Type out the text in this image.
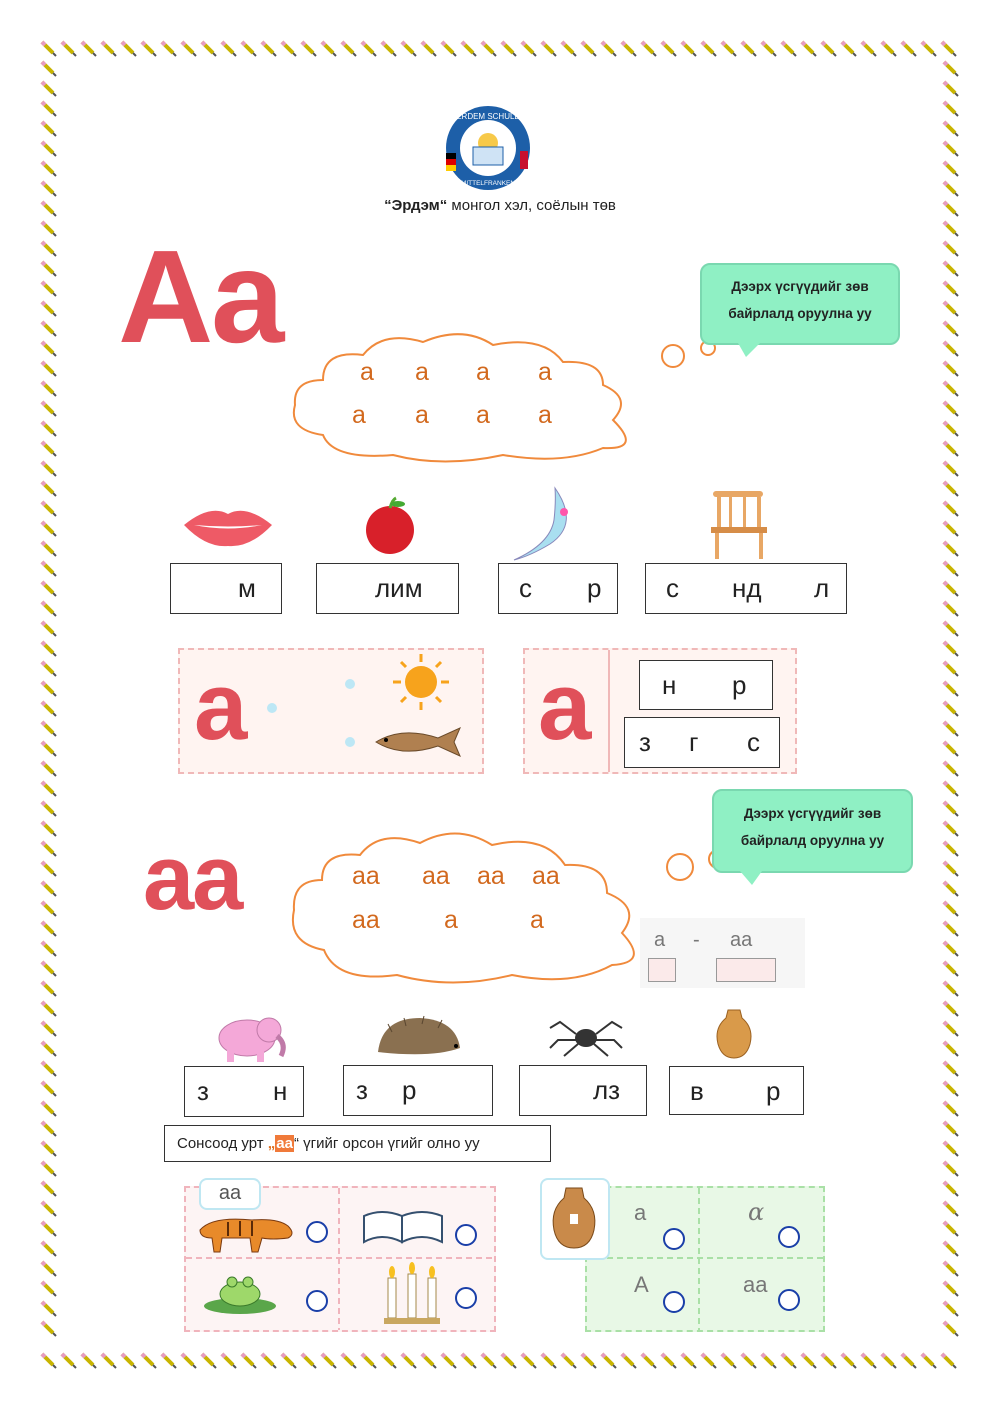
ERDEM SCHULE
MITTELFRANKEN
“Эрдэм“ монгол хэл, соёлын төв
Аа
а а а а
а а а а
Дээрх үсгүүдийг зөв
байрлалд оруулна уу
м	лим	с р с нд л
а	а	н р
з г с
аа	аа аа аа аа
аа	а	а
Дээрх үсгүүдийг зөв
байрлалд оруулна уу
а - аа
з н	з р	лз	в р
Сонсоод урт „аа“ үгийг орсон үгийг олно уу
аа
а	𝛼
А	аа
